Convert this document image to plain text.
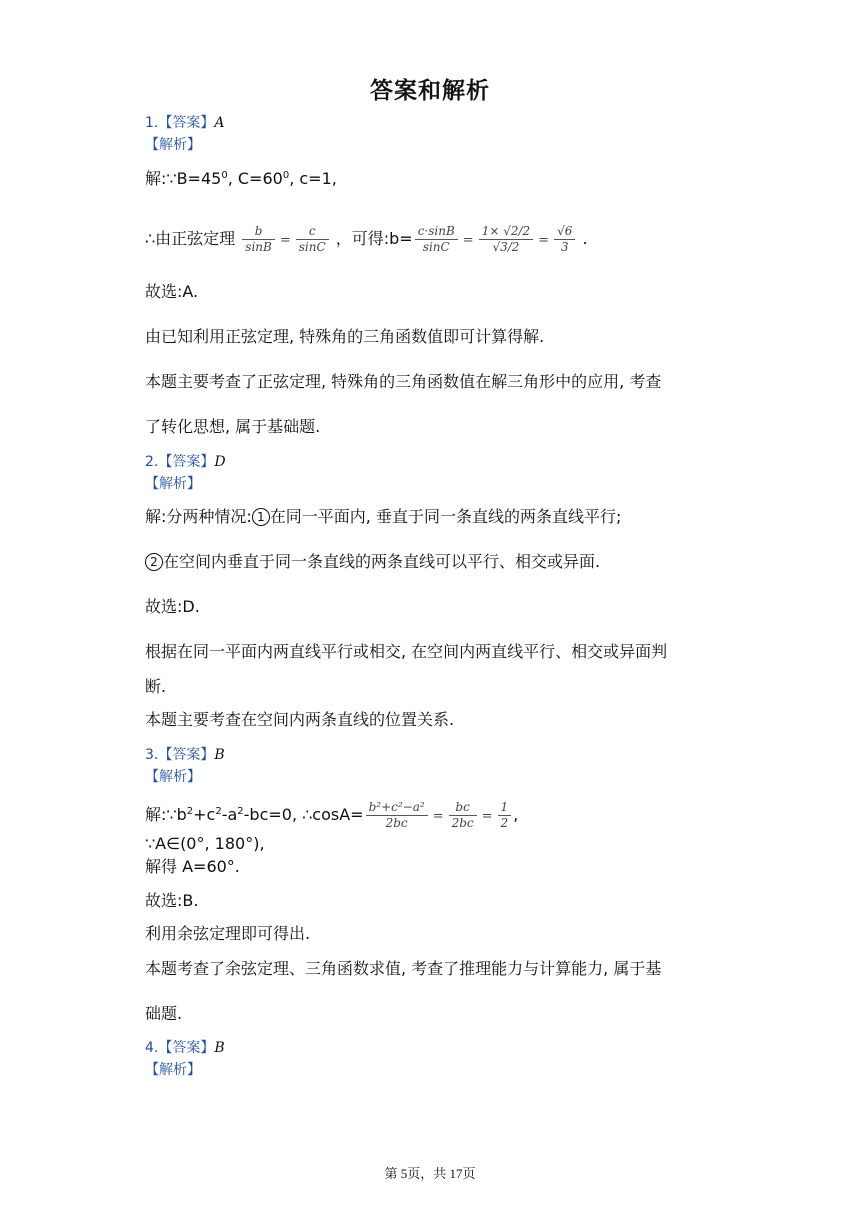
答案和解析
1.【答案】A
【解析】
解$:\because B=45^0$, $C=60^0$, c=1,
∴由正弦定理 $\frac{b}{\sin B} = \frac{c}{\sin C}$ ，可得:b= $\frac{c\cdot\sin B}{\sin C} = \frac{1\times √2/2}{√3/2} = \frac{√6}{3}$ .
故选:A.
由已知利用正弦定理, 特殊角的三角函数值即可计算得解.
本题主要考查了正弦定理, 特殊角的三角函数值在解三角形中的应用, 考查
了转化思想, 属于基础题.
2.【答案】D
【解析】
解:分两种情况: 1 在同一平面内, 垂直于同一条直线的两条直线平行;
2 在空间内垂直于同一条直线的两条直线可以平行、相交或异面.
故选:D.
根据在同一平面内两直线平行或相交, 在空间内两直线平行、相交或异面判
断.
本题主要考查在空间内两条直线的位置关系.
3.【答案】B
【解析】
解$:\because b^2+c^2-a^2-bc=0$, ∴cosA= $\frac{\text{b²+c²−a²}}{2bc} = \frac{bc}{2bc} = \frac{1}{2}$ ,
∵A∈(0°, 180°),
解得 A=60°.
故选:B.
利用余弦定理即可得出.
本题考查了余弦定理、三角函数求值, 考查了推理能力与计算能力, 属于基
础题.
4.【答案】B
【解析】
第 5页，共 17页
